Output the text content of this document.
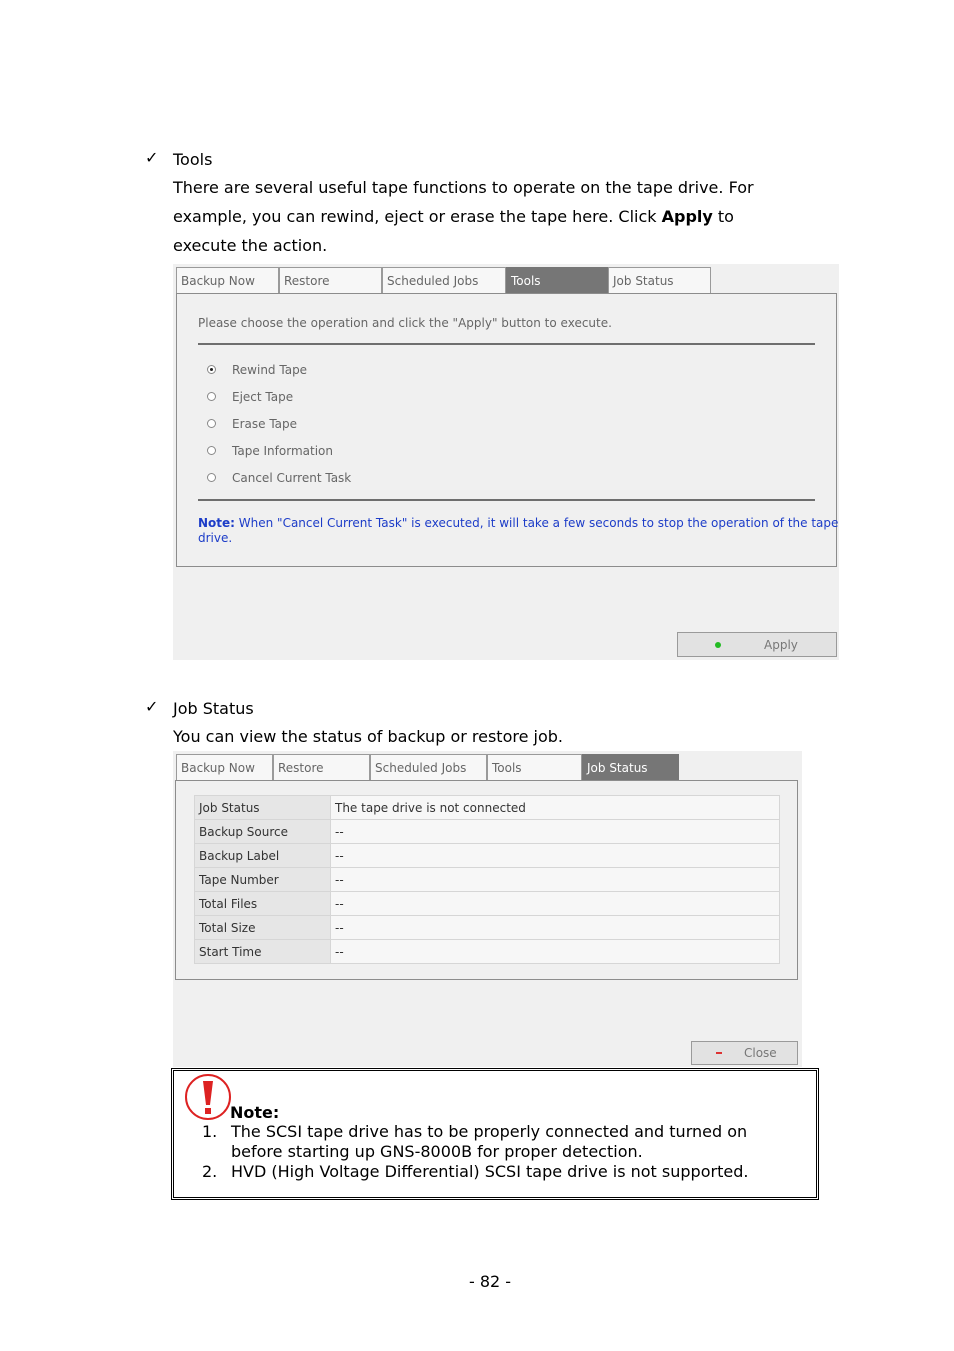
✓ Tools
There are several useful tape functions to operate on the tape drive. For
example, you can rewind, eject or erase the tape here. Click Apply to
execute the action.
Backup Now	Restore	Scheduled Jobs	Tools	Job Status
Please choose the operation and click the "Apply" button to execute.
Rewind Tape
Eject Tape
Erase Tape
Tape Information
Cancel Current Task
Note: When "Cancel Current Task" is executed, it will take a few seconds to stop the operation of the tape
drive.
Apply
✓ Job Status
You can view the status of backup or restore job.
Backup Now	Restore	Scheduled Jobs	Tools	Job Status
Job Status	The tape drive is not connected
Backup Source	--
Backup Label	--
Tape Number	--
Total Files	--
Total Size	--
Start Time	--
Close
Note:
1. The SCSI tape drive has to be properly connected and turned on
before starting up GNS-8000B for proper detection.
2. HVD (High Voltage Differential) SCSI tape drive is not supported.
- 82 -
